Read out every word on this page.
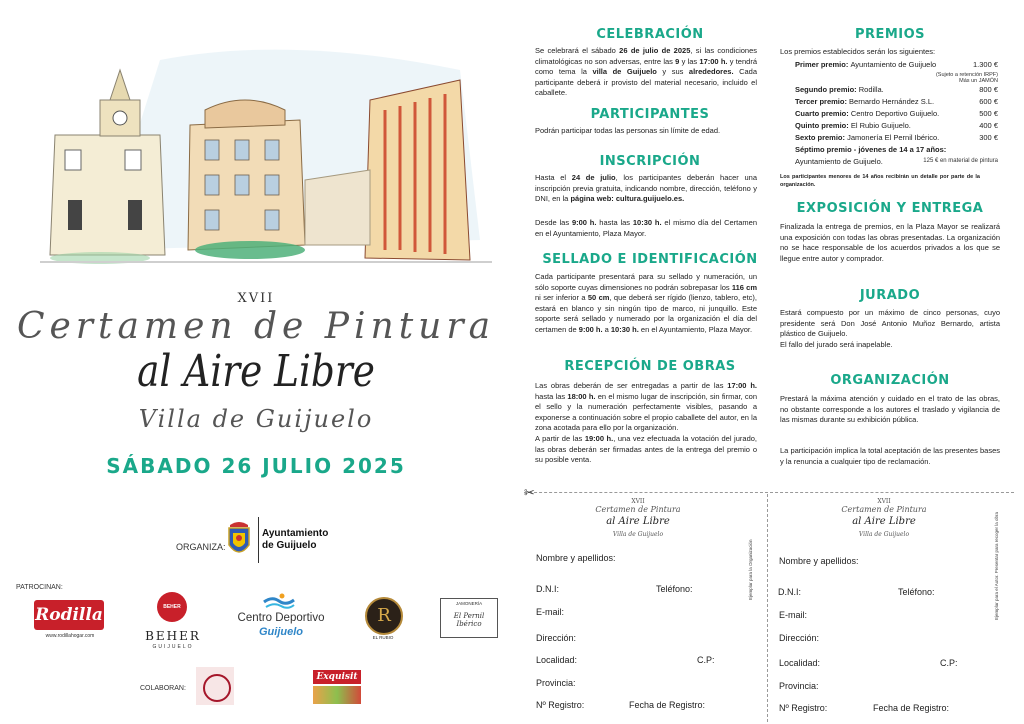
XVII
Certamen de Pintura
al Aire Libre
Villa de Guijuelo
SÁBADO 26 JULIO 2025
ORGANIZA:
Ayuntamiento
de Guijuelo
PATROCINAN:
Rodilla
www.rodillahogar.com
BEHER
BEHER
GUIJUELO
Centro Deportivo
Guijuelo
R
EL RUBIO
JAMONERÍA
El Pernil Ibérico
COLABORAN:
Exquisit
CELEBRACIÓN
Se celebrará el sábado 26 de julio de 2025, si las condiciones climatológicas no son adversas, entre las 9 y las 17:00 h. y tendrá como tema la villa de Guijuelo y sus alrededores. Cada participante deberá ir provisto del material necesario, incluido el caballete.
PARTICIPANTES
Podrán participar todas las personas sin límite de edad.
INSCRIPCIÓN
Hasta el 24 de julio, los participantes deberán hacer una inscripción previa gratuita, indicando nombre, dirección, teléfono y DNI, en la página web: cultura.guijuelo.es.
Desde las 9:00 h. hasta las 10:30 h. el mismo día del Certamen en el Ayuntamiento, Plaza Mayor.
SELLADO E IDENTIFICACIÓN
Cada participante presentará para su sellado y numeración, un sólo soporte cuyas dimensiones no podrán sobrepasar los 116 cm ni ser inferior a 50 cm, que deberá ser rígido (lienzo, tablero, etc), estará en blanco y sin ningún tipo de marco, ni junquillo. Este soporte será sellado y numerado por la organización el día del certamen de 9:00 h. a 10:30 h. en el Ayuntamiento, Plaza Mayor.
RECEPCIÓN DE OBRAS
Las obras deberán de ser entregadas a partir de las 17:00 h. hasta las 18:00 h. en el mismo lugar de inscripción, sin firmar, con el sello y la numeración perfectamente visibles, pasando a exponerse a continuación sobre el propio caballete del autor, en la zona acotada para ello por la organización.
A partir de las 19:00 h., una vez efectuada la votación del jurado, las obras deberán ser firmadas antes de la entrega del premio o su posible venta.
PREMIOS
Los premios establecidos serán los siguientes:
Primer premio: Ayuntamiento de Guijuelo	1.300 €
Segundo premio: Rodilla.	800 €
Tercer premio: Bernardo Hernández S.L.	600 €
Cuarto premio: Centro Deportivo Guijuelo.	500 €
Quinto premio: El Rubio Guijuelo.	400 €
Sexto premio: Jamonería El Pernil Ibérico.	300 €
(Sujeto a retención IRPF)
Más un JAMÓN
Séptimo premio - jóvenes de 14 a 17 años:
Ayuntamiento de Guijuelo.	125 € en material de pintura
Los participantes menores de 14 años recibirán un detalle por parte de la organización.
EXPOSICIÓN Y ENTREGA
Finalizada la entrega de premios, en la Plaza Mayor se realizará una exposición con todas las obras presentadas. La organización no se hace responsable de los acuerdos privados a los que se llegue entre autor y comprador.
JURADO
Estará compuesto por un máximo de cinco personas, cuyo presidente será Don José Antonio Muñoz Bernardo, artista plástico de Guijuelo.
El fallo del jurado será inapelable.
ORGANIZACIÓN
Prestará la máxima atención y cuidado en el trato de las obras, no obstante corresponde a los autores el traslado y vigilancia de las mismas durante su exhibición pública.
La participación implica la total aceptación de las presentes bases y la renuncia a cualquier tipo de reclamación.
✂
XVII
Certamen de Pintura
al Aire Libre
Villa de Guijuelo
Ejemplar para la Organización
Nombre y apellidos:
D.N.I:	Teléfono:
E-mail:
Dirección:
Localidad:	C.P:
Provincia:
Nº Registro:	Fecha de Registro:
XVII
Certamen de Pintura
al Aire Libre
Villa de Guijuelo	Ejemplar para el Autor. Presentar para recoger la obra
Nombre y apellidos:
D.N.I:	Teléfono:
E-mail:
Dirección:
Localidad:	C.P:
Provincia:
Nº Registro:	Fecha de Registro:
